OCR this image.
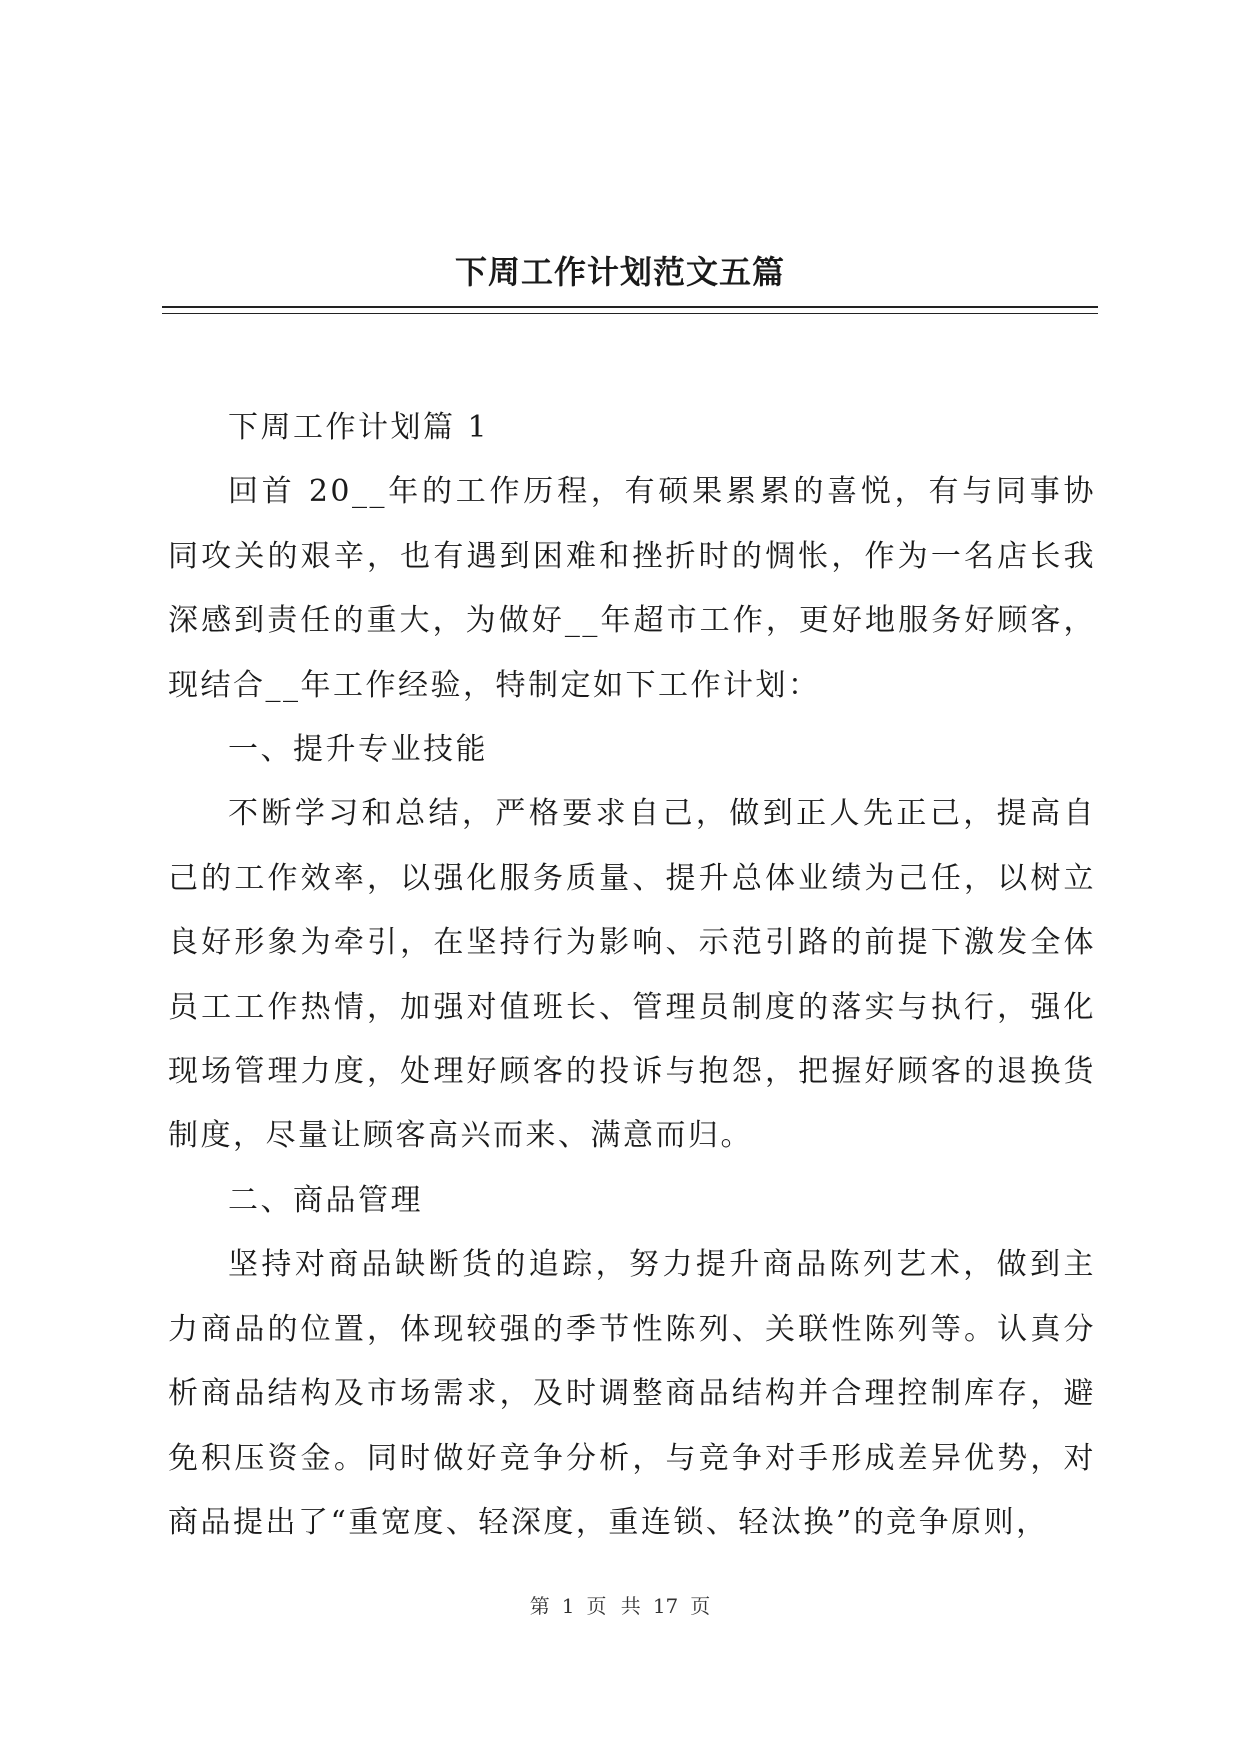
下周工作计划范文五篇

下周工作计划篇 1

回首 20__年的工作历程，有硕果累累的喜悦，有与同事协同攻关的艰辛，也有遇到困难和挫折时的惆怅，作为一名店长我深感到责任的重大，为做好__年超市工作，更好地服务好顾客，现结合__年工作经验，特制定如下工作计划：

一、提升专业技能

不断学习和总结，严格要求自己，做到正人先正己，提高自己的工作效率，以强化服务质量、提升总体业绩为己任，以树立良好形象为牵引，在坚持行为影响、示范引路的前提下激发全体员工工作热情，加强对值班长、管理员制度的落实与执行，强化现场管理力度，处理好顾客的投诉与抱怨，把握好顾客的退换货制度，尽量让顾客高兴而来、满意而归。

二、商品管理

坚持对商品缺断货的追踪，努力提升商品陈列艺术，做到主力商品的位置，体现较强的季节性陈列、关联性陈列等。认真分析商品结构及市场需求，及时调整商品结构并合理控制库存，避免积压资金。同时做好竞争分析，与竞争对手形成差异优势，对商品提出了“重宽度、轻深度，重连锁、轻汰换”的竞争原则，

第 1 页 共 17 页
